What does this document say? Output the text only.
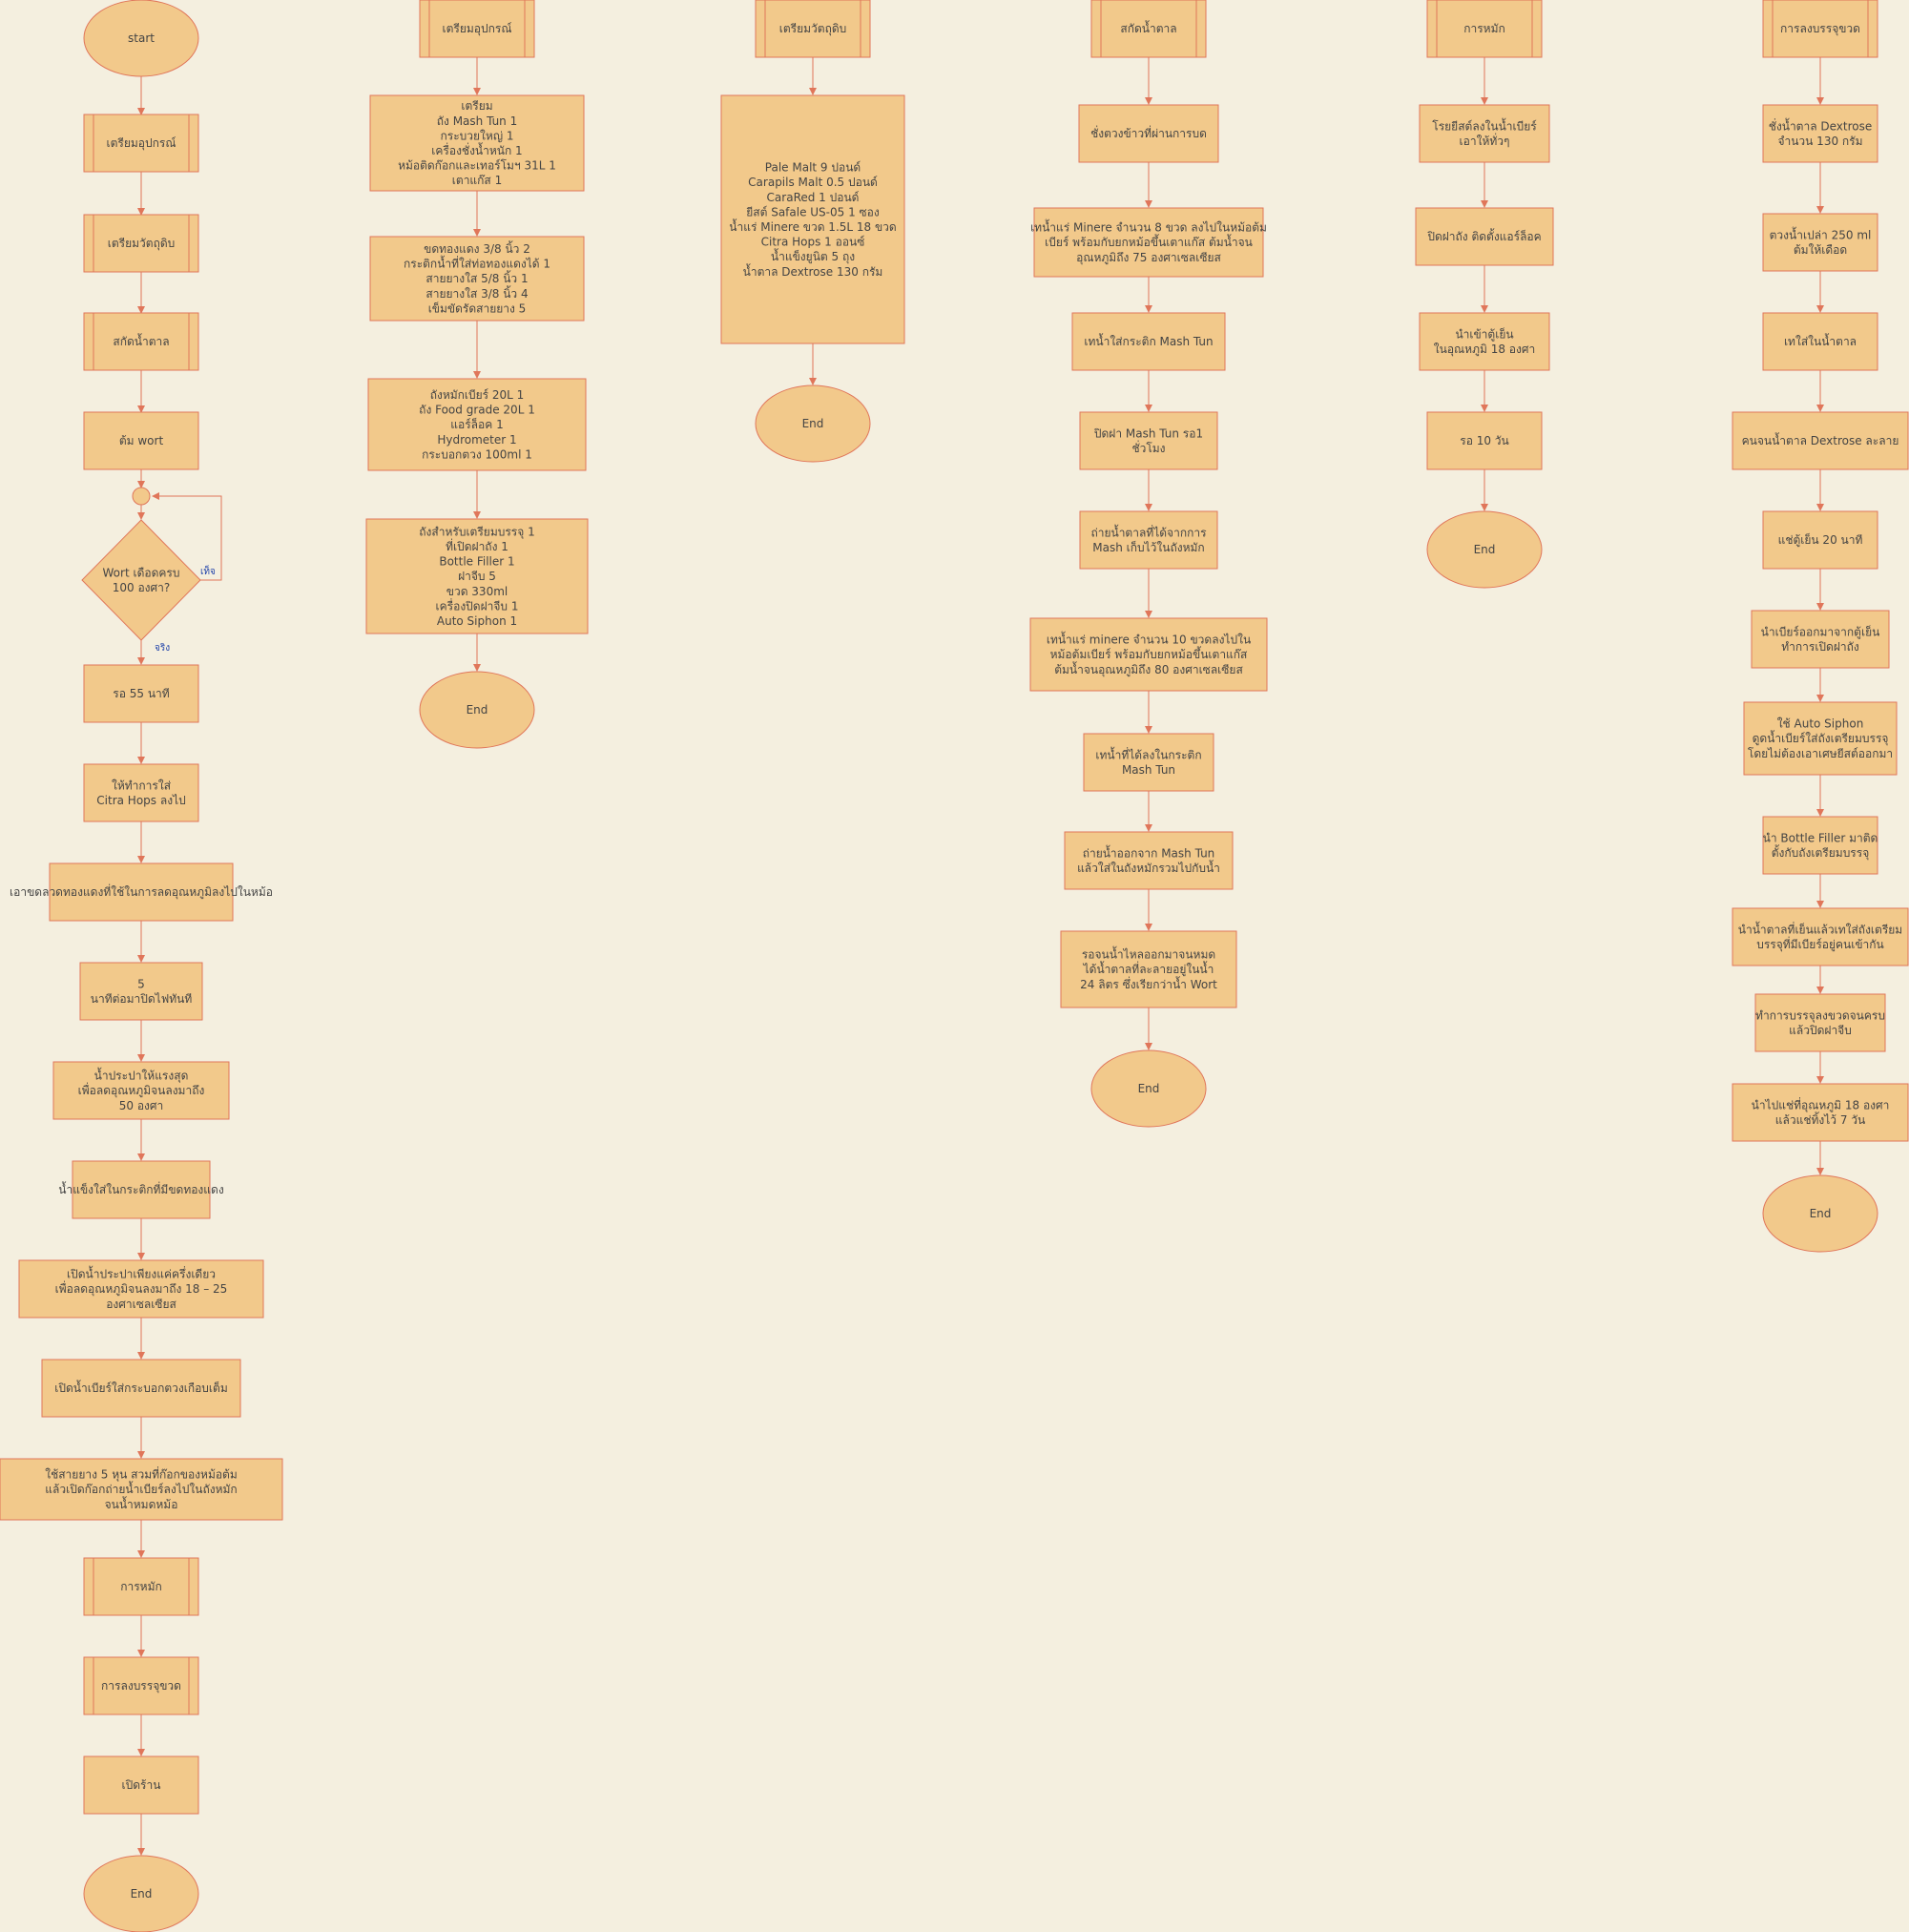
start
เตรียมอุปกรณ์
เตรียมวัตถุดิบ
สกัดน้ำตาล
ต้ม wort
Wort เดือดครบ
100 องศา?
เท็จ
จริง
รอ 55 นาที
ให้ทำการใส่
Citra Hops ลงไป
เอาขดลวดทองแดงที่ใช้ในการลดอุณหภูมิลงไปในหม้อ
5
นาทีต่อมาปิดไฟทันที
น้ำประปาให้แรงสุด
เพื่อลดอุณหภูมิจนลงมาถึง
50 องศา
น้ำแข็งใส่ในกระติกที่มีขดทองแดง
เปิดน้ำประปาเพียงแค่ครึ่งเดียว
เพื่อลดอุณหภูมิจนลงมาถึง 18 – 25
องศาเซลเซียส
เปิดน้ำเบียร์ใส่กระบอกตวงเกือบเต็ม
ใช้สายยาง 5 หุน สวมที่ก๊อกของหม้อต้ม
แล้วเปิดก๊อกถ่ายน้ำเบียร์ลงไปในถังหมัก
จนน้ำหมดหม้อ
การหมัก
การลงบรรจุขวด
เปิดร้าน
End
เตรียมอุปกรณ์
เตรียม
ถัง Mash Tun 1
กระบวยใหญ่ 1
เครื่องชั่งน้ำหนัก 1
หม้อติดก๊อกและเทอร์โมฯ 31L 1
เตาแก๊ส 1
ขดทองแดง 3/8 นิ้ว 2
กระติกน้ำที่ใส่ท่อทองแดงได้ 1
สายยางใส 5/8 นิ้ว 1
สายยางใส 3/8 นิ้ว 4
เข็มขัดรัดสายยาง 5
ถังหมักเบียร์ 20L 1
ถัง Food grade 20L 1
แอร์ล็อค 1
Hydrometer 1
กระบอกตวง 100ml 1
ถังสำหรับเตรียมบรรจุ 1
ที่เปิดฝาถัง 1
Bottle Filler 1
ฝาจีบ 5
ขวด 330ml
เครื่องปิดฝาจีบ 1
Auto Siphon 1
End
เตรียมวัตถุดิบ
Pale Malt 9 ปอนด์
Carapils Malt 0.5 ปอนด์
CaraRed 1 ปอนด์
ยีสต์ Safale US-05 1 ซอง
น้ำแร่ Minere ขวด 1.5L 18 ขวด
Citra Hops 1 ออนซ์
น้ำแข็งยูนิต 5 ถุง
น้ำตาล Dextrose 130 กรัม
End
สกัดน้ำตาล
ชั่งตวงข้าวที่ผ่านการบด
เทน้ำแร่ Minere จำนวน 8 ขวด ลงไปในหม้อต้ม
เบียร์ พร้อมกับยกหม้อขึ้นเตาแก๊ส ต้มน้ำจน
อุณหภูมิถึง 75 องศาเซลเซียส
เทน้ำใส่กระติก Mash Tun
ปิดฝา Mash Tun รอ1
ชั่วโมง
ถ่ายน้ำตาลที่ได้จากการ
Mash เก็บไว้ในถังหมัก
เทน้ำแร่ minere จำนวน 10 ขวดลงไปใน
หม้อต้มเบียร์ พร้อมกับยกหม้อขึ้นเตาแก๊ส
ต้มน้ำจนอุณหภูมิถึง 80 องศาเซลเซียส
เทน้ำที่ได้ลงในกระติก
Mash Tun
ถ่ายน้ำออกจาก Mash Tun
แล้วใส่ในถังหมักรวมไปกับน้ำ
รอจนน้ำไหลออกมาจนหมด
ได้น้ำตาลที่ละลายอยู่ในน้ำ
24 ลิตร ซึ่งเรียกว่าน้ำ Wort
End
การหมัก
โรยยีสต์ลงในน้ำเบียร์
เอาให้ทั่วๆ
ปิดฝาถัง ติดตั้งแอร์ล็อค
นำเข้าตู้เย็น
ในอุณหภูมิ 18 องศา
รอ 10 วัน
End
การลงบรรจุขวด
ชั่งน้ำตาล Dextrose
จำนวน 130 กรัม
ตวงน้ำเปล่า 250 ml
ต้มให้เดือด
เทใส่ในน้ำตาล
คนจนน้ำตาล Dextrose ละลาย
แช่ตู้เย็น 20 นาที
นำเบียร์ออกมาจากตู้เย็น
ทำการเปิดฝาถัง
ใช้ Auto Siphon
ดูดน้ำเบียร์ใส่ถังเตรียมบรรจุ
โดยไม่ต้องเอาเศษยีสต์ออกมา
นำ Bottle Filler มาติด
ตั้งกับถังเตรียมบรรจุ
นำน้ำตาลที่เย็นแล้วเทใส่ถังเตรียม
บรรจุที่มีเบียร์อยู่คนเข้ากัน
ทำการบรรจุลงขวดจนครบ
แล้วปิดฝาจีบ
นำไปแช่ที่อุณหภูมิ 18 องศา
แล้วแช่ทิ้งไว้ 7 วัน
End
